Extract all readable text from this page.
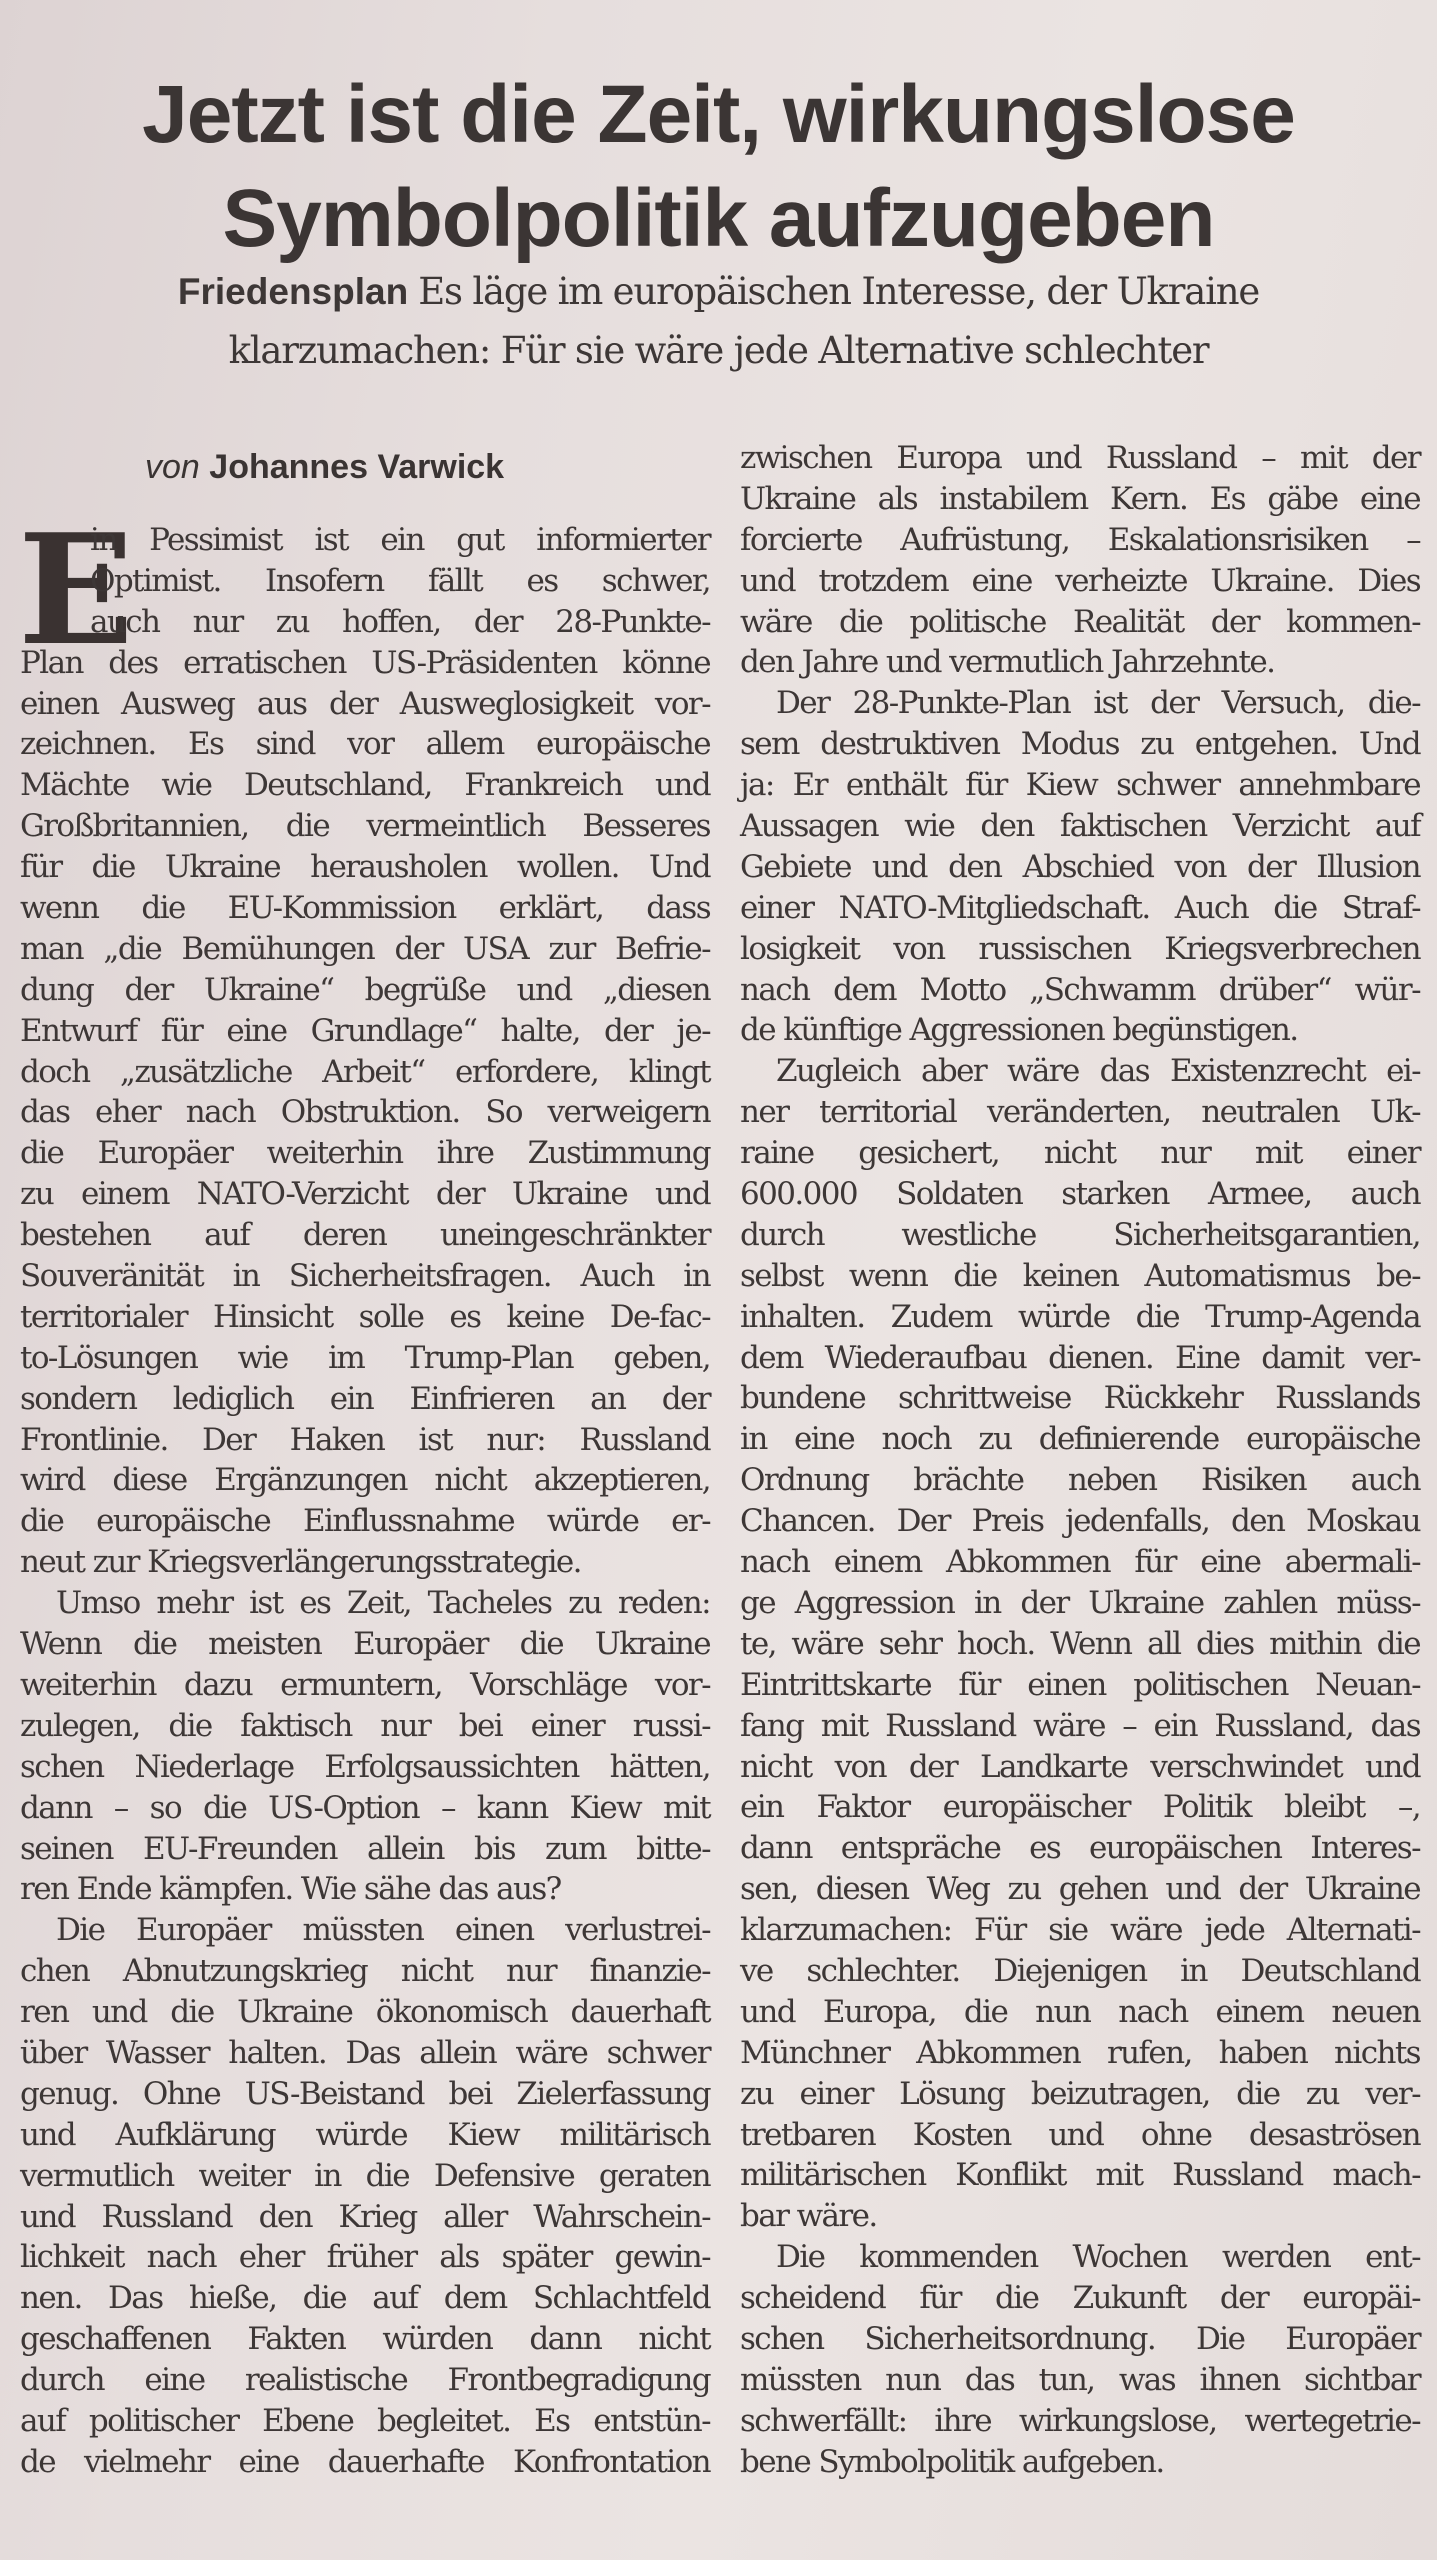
Jetzt ist die Zeit, wirkungslose
Symbolpolitik aufzugeben
Friedensplan Es läge im europäischen Interesse, der Ukraine
klarzumachen: Für sie wäre jede Alternative schlechter
von Johannes Varwick
E
in Pessimist ist ein gut informierter
Optimist. Insofern fällt es schwer,
auch nur zu hoffen, der 28-Punkte-
Plan des erratischen US-Präsidenten könne
einen Ausweg aus der Ausweglosigkeit vor-
zeichnen. Es sind vor allem europäische
Mächte wie Deutschland, Frankreich und
Großbritannien, die vermeintlich Besseres
für die Ukraine herausholen wollen. Und
wenn die EU-Kommission erklärt, dass
man „die Bemühungen der USA zur Befrie-
dung der Ukraine“ begrüße und „diesen
Entwurf für eine Grundlage“ halte, der je-
doch „zusätzliche Arbeit“ erfordere, klingt
das eher nach Obstruktion. So verweigern
die Europäer weiterhin ihre Zustimmung
zu einem NATO-Verzicht der Ukraine und
bestehen auf deren uneingeschränkter
Souveränität in Sicherheitsfragen. Auch in
territorialer Hinsicht solle es keine De-fac-
to-Lösungen wie im Trump-Plan geben,
sondern lediglich ein Einfrieren an der
Frontlinie. Der Haken ist nur: Russland
wird diese Ergänzungen nicht akzeptieren,
die europäische Einflussnahme würde er-
neut zur Kriegsverlängerungsstrategie.
Umso mehr ist es Zeit, Tacheles zu reden:
Wenn die meisten Europäer die Ukraine
weiterhin dazu ermuntern, Vorschläge vor-
zulegen, die faktisch nur bei einer russi-
schen Niederlage Erfolgsaussichten hätten,
dann – so die US-Option – kann Kiew mit
seinen EU-Freunden allein bis zum bitte-
ren Ende kämpfen. Wie sähe das aus?
Die Europäer müssten einen verlustrei-
chen Abnutzungskrieg nicht nur finanzie-
ren und die Ukraine ökonomisch dauerhaft
über Wasser halten. Das allein wäre schwer
genug. Ohne US-Beistand bei Zielerfassung
und Aufklärung würde Kiew militärisch
vermutlich weiter in die Defensive geraten
und Russland den Krieg aller Wahrschein-
lichkeit nach eher früher als später gewin-
nen. Das hieße, die auf dem Schlachtfeld
geschaffenen Fakten würden dann nicht
durch eine realistische Frontbegradigung
auf politischer Ebene begleitet. Es entstün-
de vielmehr eine dauerhafte Konfrontation
zwischen Europa und Russland – mit der
Ukraine als instabilem Kern. Es gäbe eine
forcierte Aufrüstung, Eskalationsrisiken –
und trotzdem eine verheizte Ukraine. Dies
wäre die politische Realität der kommen-
den Jahre und vermutlich Jahrzehnte.
Der 28-Punkte-Plan ist der Versuch, die-
sem destruktiven Modus zu entgehen. Und
ja: Er enthält für Kiew schwer annehmbare
Aussagen wie den faktischen Verzicht auf
Gebiete und den Abschied von der Illusion
einer NATO-Mitgliedschaft. Auch die Straf-
losigkeit von russischen Kriegsverbrechen
nach dem Motto „Schwamm drüber“ wür-
de künftige Aggressionen begünstigen.
Zugleich aber wäre das Existenzrecht ei-
ner territorial veränderten, neutralen Uk-
raine gesichert, nicht nur mit einer
600.000 Soldaten starken Armee, auch
durch westliche Sicherheitsgarantien,
selbst wenn die keinen Automatismus be-
inhalten. Zudem würde die Trump-Agenda
dem Wiederaufbau dienen. Eine damit ver-
bundene schrittweise Rückkehr Russlands
in eine noch zu definierende europäische
Ordnung brächte neben Risiken auch
Chancen. Der Preis jedenfalls, den Moskau
nach einem Abkommen für eine abermali-
ge Aggression in der Ukraine zahlen müss-
te, wäre sehr hoch. Wenn all dies mithin die
Eintrittskarte für einen politischen Neuan-
fang mit Russland wäre – ein Russland, das
nicht von der Landkarte verschwindet und
ein Faktor europäischer Politik bleibt –,
dann entspräche es europäischen Interes-
sen, diesen Weg zu gehen und der Ukraine
klarzumachen: Für sie wäre jede Alternati-
ve schlechter. Diejenigen in Deutschland
und Europa, die nun nach einem neuen
Münchner Abkommen rufen, haben nichts
zu einer Lösung beizutragen, die zu ver-
tretbaren Kosten und ohne desaströsen
militärischen Konflikt mit Russland mach-
bar wäre.
Die kommenden Wochen werden ent-
scheidend für die Zukunft der europäi-
schen Sicherheitsordnung. Die Europäer
müssten nun das tun, was ihnen sichtbar
schwerfällt: ihre wirkungslose, wertegetrie-
bene Symbolpolitik aufgeben.
